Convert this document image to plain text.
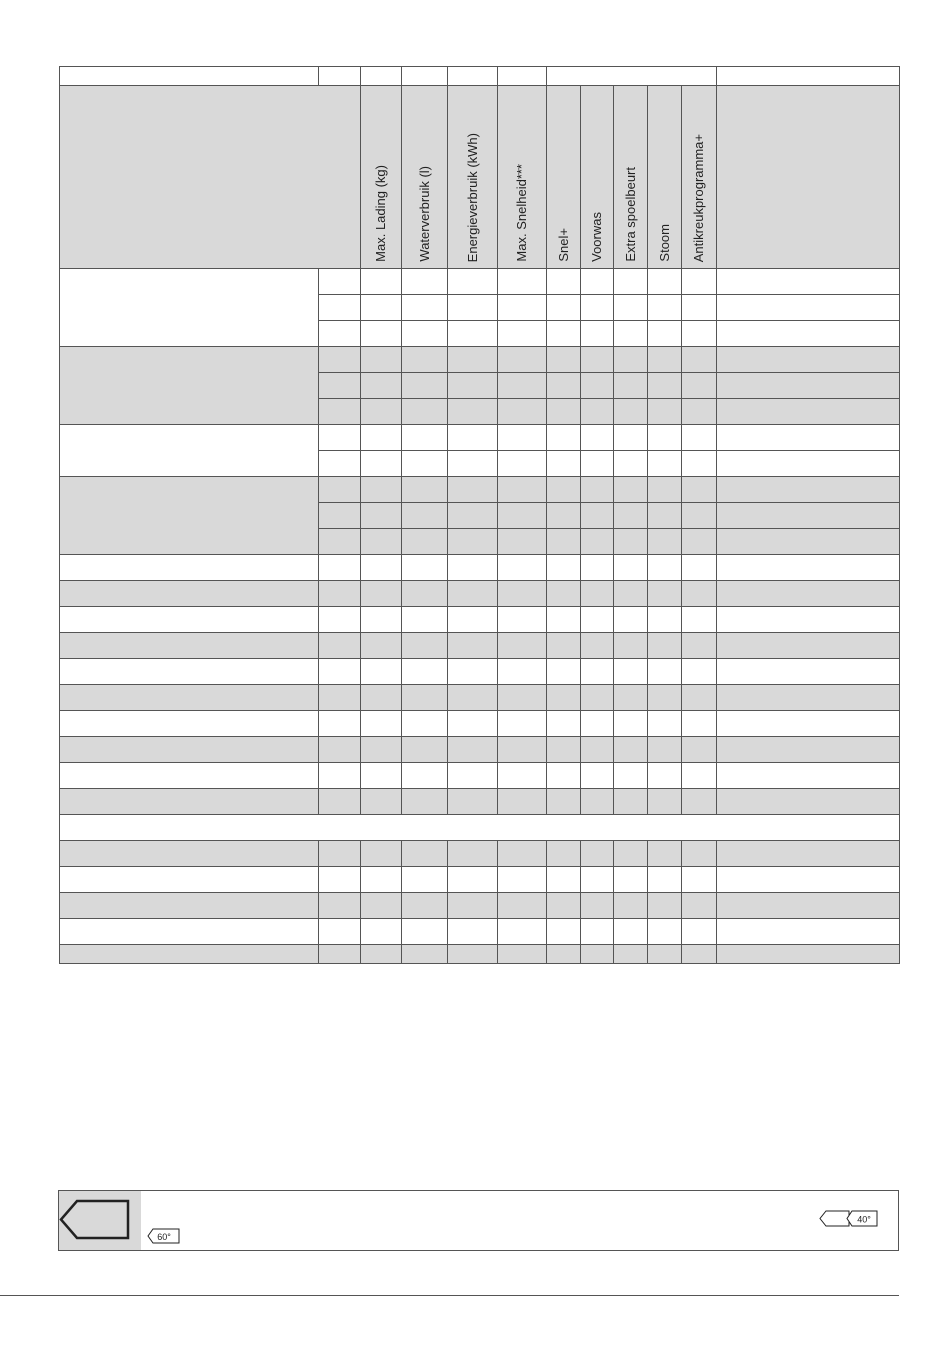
		Max. Lading (kg)	Waterverbruik (l)	Energieverbruik (kWh)	Max. Snelheid***	Snel+	Voorwas	Extra spoelbeurt	Stoom	Antikreukprogramma+	

60°
40°
